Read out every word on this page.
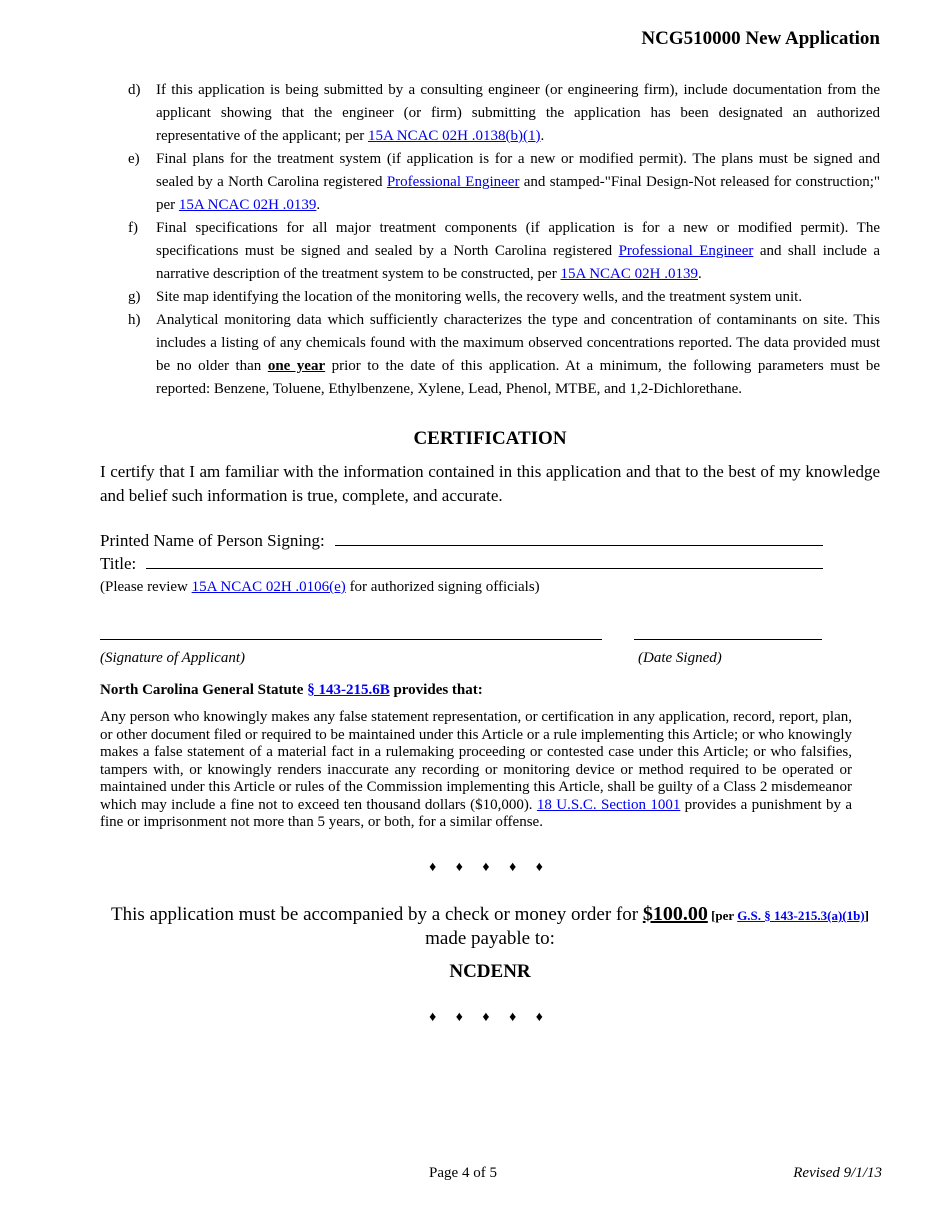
NCG510000 New Application
d)	If this application is being submitted by a consulting engineer (or engineering firm), include documentation from the applicant showing that the engineer (or firm) submitting the application has been designated an authorized representative of the applicant; per 15A NCAC 02H .0138(b)(1).
e)	Final plans for the treatment system (if application is for a new or modified permit). The plans must be signed and sealed by a North Carolina registered Professional Engineer and stamped-"Final Design-Not released for construction;" per 15A NCAC 02H .0139.
f)	Final specifications for all major treatment components (if application is for a new or modified permit). The specifications must be signed and sealed by a North Carolina registered Professional Engineer and shall include a narrative description of the treatment system to be constructed, per 15A NCAC 02H .0139.
g)	Site map identifying the location of the monitoring wells, the recovery wells, and the treatment system unit.
h)	Analytical monitoring data which sufficiently characterizes the type and concentration of contaminants on site. This includes a listing of any chemicals found with the maximum observed concentrations reported. The data provided must be no older than one year prior to the date of this application. At a minimum, the following parameters must be reported: Benzene, Toluene, Ethylbenzene, Xylene, Lead, Phenol, MTBE, and 1,2-Dichlorethane.
CERTIFICATION
I certify that I am familiar with the information contained in this application and that to the best of my knowledge and belief such information is true, complete, and accurate.
Printed Name of Person Signing:
Title:
(Please review 15A NCAC 02H .0106(e) for authorized signing officials)
(Signature of Applicant)	(Date Signed)
North Carolina General Statute § 143-215.6B provides that:
Any person who knowingly makes any false statement representation, or certification in any application, record, report, plan, or other document filed or required to be maintained under this Article or a rule implementing this Article; or who knowingly makes a false statement of a material fact in a rulemaking proceeding or contested case under this Article; or who falsifies, tampers with, or knowingly renders inaccurate any recording or monitoring device or method required to be operated or maintained under this Article or rules of the Commission implementing this Article, shall be guilty of a Class 2 misdemeanor which may include a fine not to exceed ten thousand dollars ($10,000). 18 U.S.C. Section 1001 provides a punishment by a fine or imprisonment not more than 5 years, or both, for a similar offense.
♦ ♦ ♦ ♦ ♦
This application must be accompanied by a check or money order for $100.00 [per G.S. § 143-215.3(a)(1b)]
made payable to:
NCDENR
♦ ♦ ♦ ♦ ♦
Page 4 of 5	Revised 9/1/13
